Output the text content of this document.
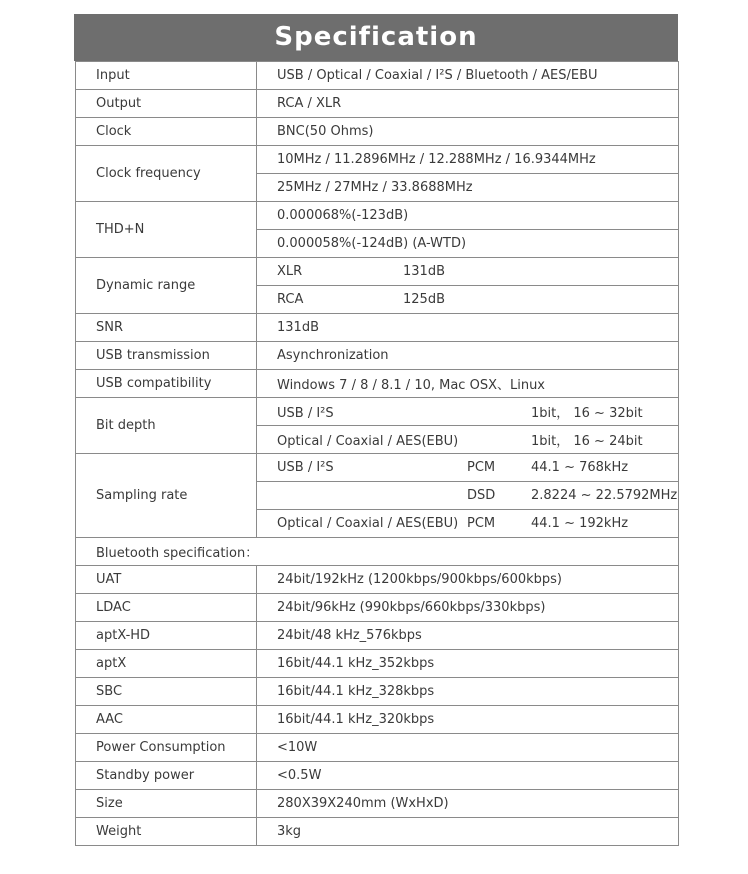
Specification
Input	USB / Optical / Coaxial / I²S / Bluetooth / AES/EBU
Output	RCA / XLR
Clock	BNC(50 Ohms)
Clock frequency	10MHz / 11.2896MHz / 12.288MHz / 16.9344MHz
	25MHz / 27MHz / 33.8688MHz
THD+N	0.000068%(-123dB)
	0.000058%(-124dB) (A-WTD)
Dynamic range	XLR 131dB
	RCA 125dB
SNR	131dB
USB transmission	Asynchronization
USB compatibility	Windows 7 / 8 / 8.1 / 10, Mac OSX、Linux
Bit depth	USB / I²S 1bit， 16 ~ 32bit
	Optical / Coaxial / AES(EBU) 1bit， 16 ~ 24bit
Sampling rate	USB / I²S PCM 44.1 ~ 768kHz
	DSD 2.8224 ~ 22.5792MHz
	Optical / Coaxial / AES(EBU) PCM 44.1 ~ 192kHz
Bluetooth specification：	
UAT	24bit/192kHz (1200kbps/900kbps/600kbps)
LDAC	24bit/96kHz (990kbps/660kbps/330kbps)
aptX-HD	24bit/48 kHz_576kbps
aptX	16bit/44.1 kHz_352kbps
SBC	16bit/44.1 kHz_328kbps
AAC	16bit/44.1 kHz_320kbps
Power Consumption	<10W
Standby power	<0.5W
Size	280X39X240mm (WxHxD)
Weight	3kg
